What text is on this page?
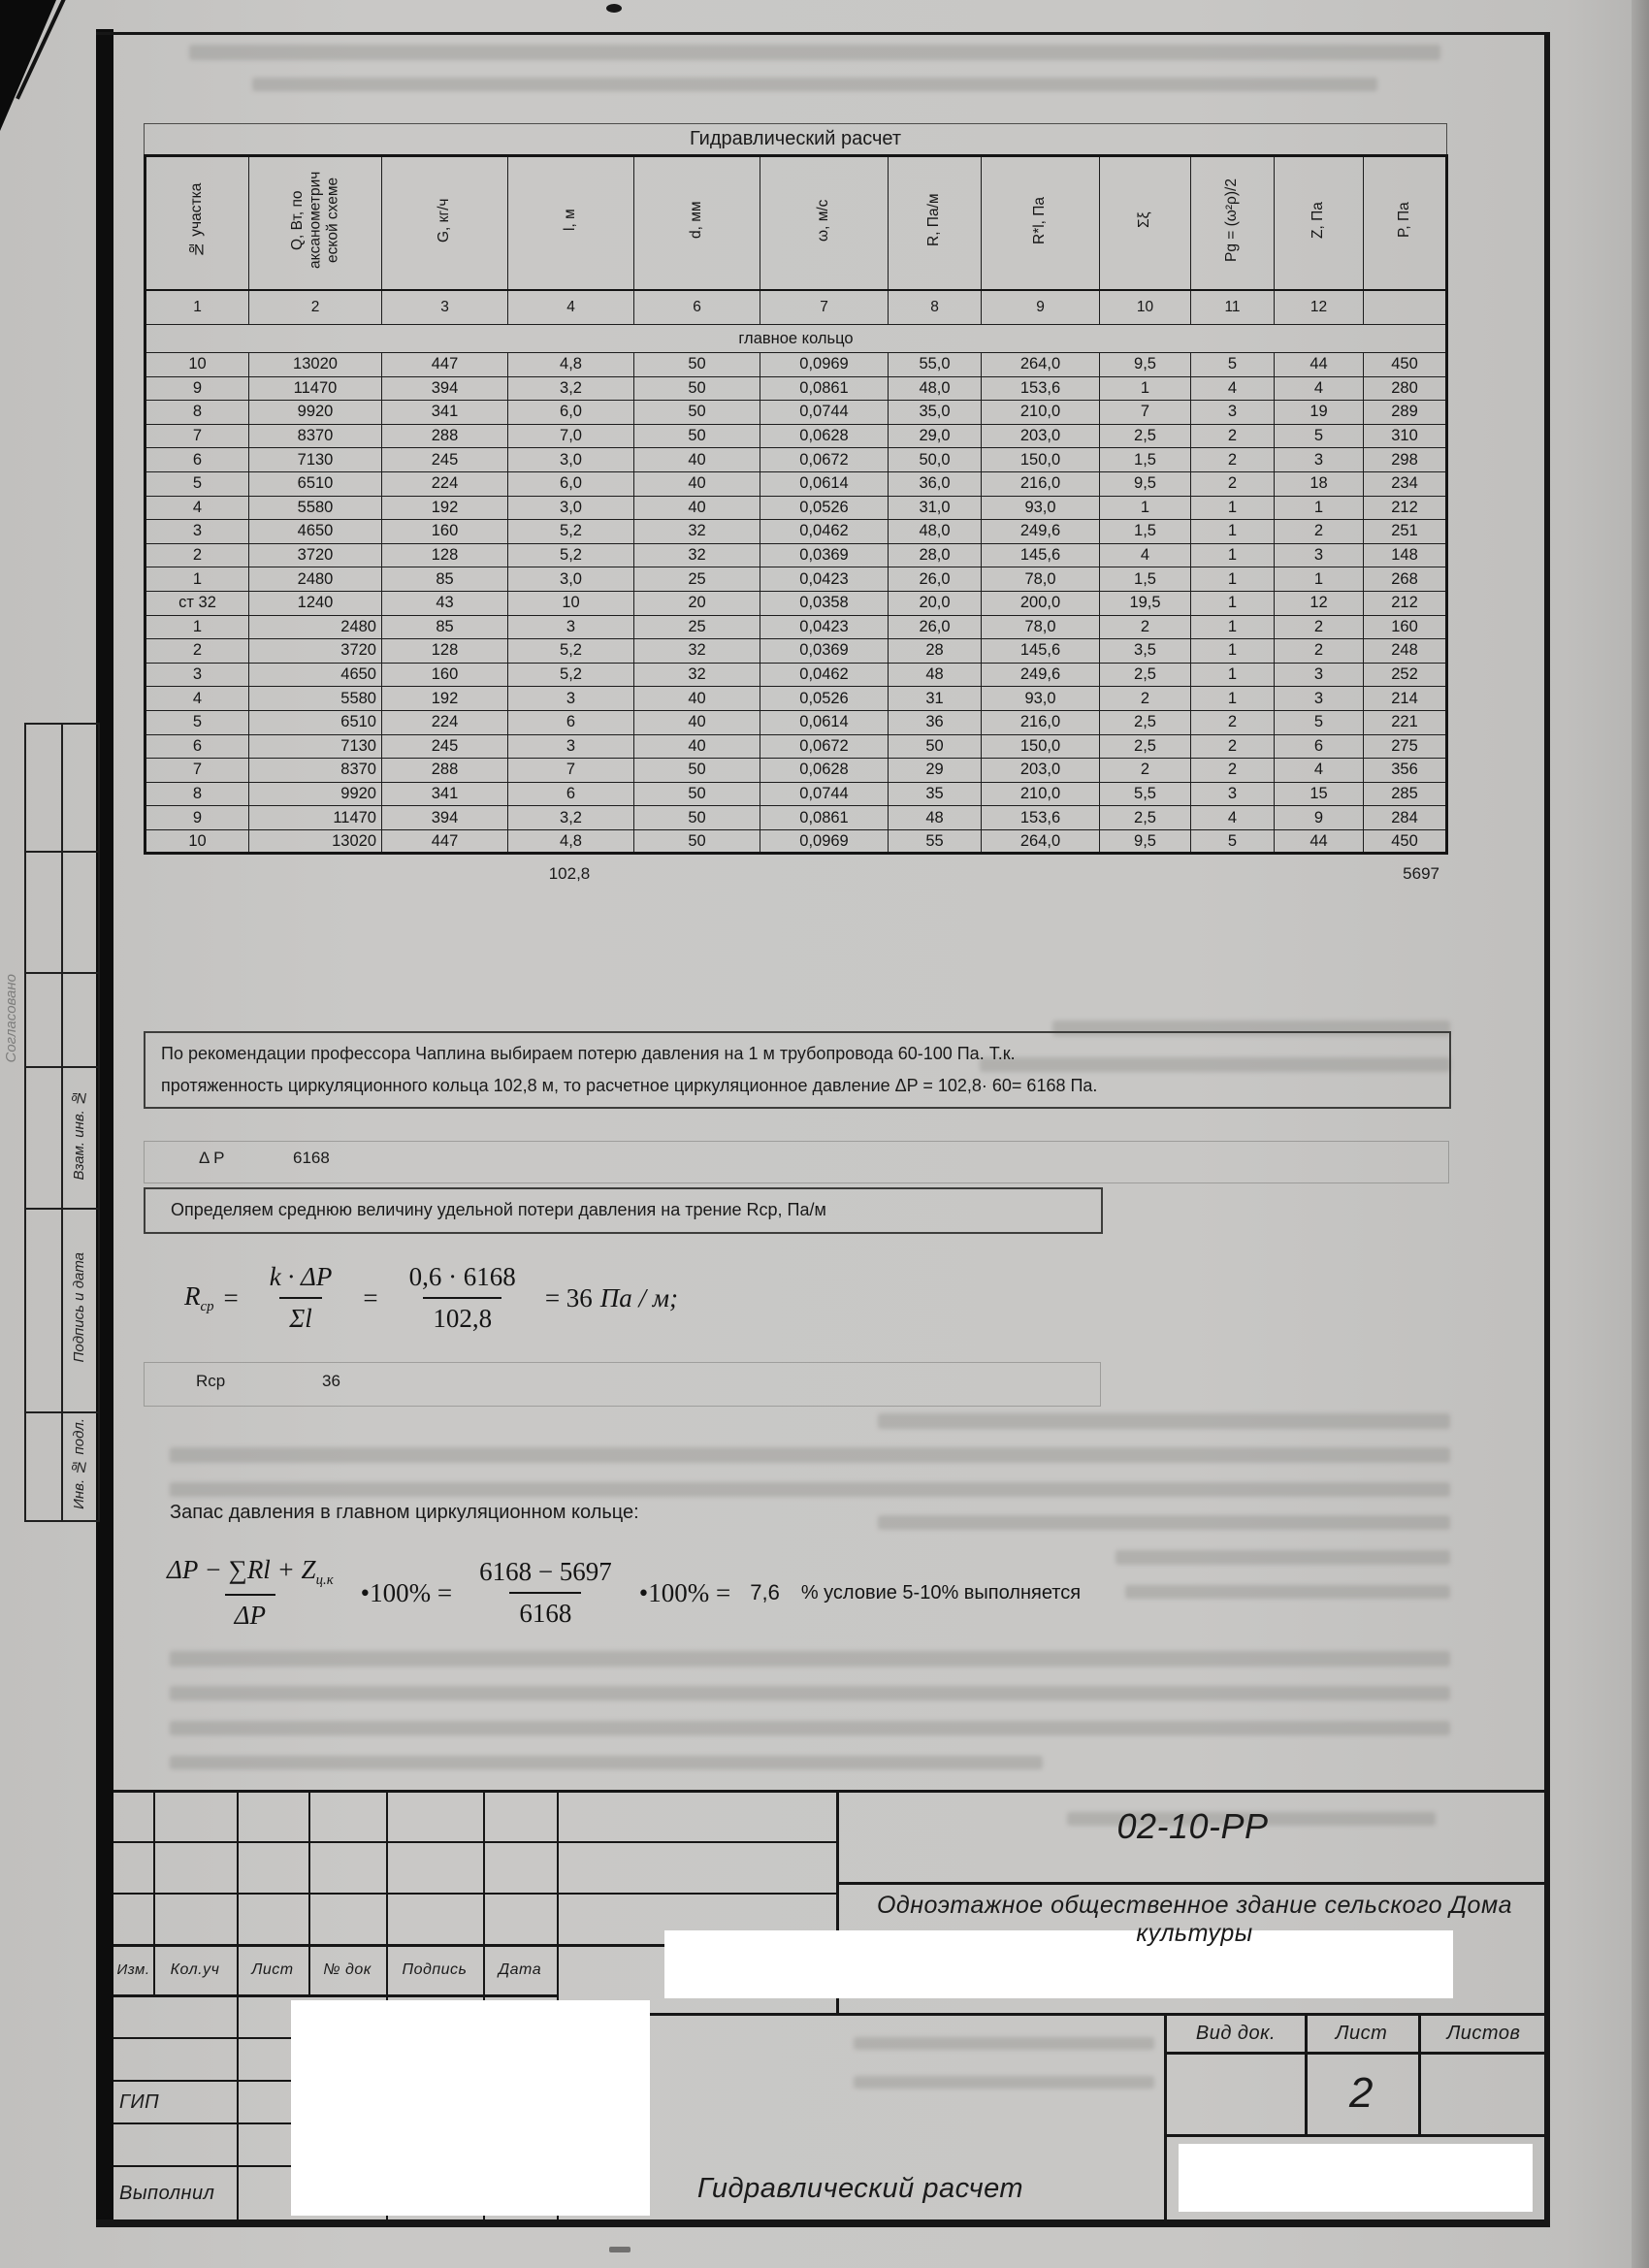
Согласовано
Взам. инв. №
Подпись и дата
Инв. № подл.
Гидравлический расчет
№ участка	Q, Вт, по аксанометрич еской схеме	G, кг/ч	l, м	d, мм	ω, м/с	R, Па/м	R*l, Па	Σξ	Pg = (ω²ρ)/2	Z, Па	P, Па
1	2	3	4	6	7	8	9	10	11	12	
главное кольцо											
10	13020	447	4,8	50	0,0969	55,0	264,0	9,5	5	44	450
9	11470	394	3,2	50	0,0861	48,0	153,6	1	4	4	280
8	9920	341	6,0	50	0,0744	35,0	210,0	7	3	19	289
7	8370	288	7,0	50	0,0628	29,0	203,0	2,5	2	5	310
6	7130	245	3,0	40	0,0672	50,0	150,0	1,5	2	3	298
5	6510	224	6,0	40	0,0614	36,0	216,0	9,5	2	18	234
4	5580	192	3,0	40	0,0526	31,0	93,0	1	1	1	212
3	4650	160	5,2	32	0,0462	48,0	249,6	1,5	1	2	251
2	3720	128	5,2	32	0,0369	28,0	145,6	4	1	3	148
1	2480	85	3,0	25	0,0423	26,0	78,0	1,5	1	1	268
ст 32	1240	43	10	20	0,0358	20,0	200,0	19,5	1	12	212
1	2480	85	3	25	0,0423	26,0	78,0	2	1	2	160
2	3720	128	5,2	32	0,0369	28	145,6	3,5	1	2	248
3	4650	160	5,2	32	0,0462	48	249,6	2,5	1	3	252
4	5580	192	3	40	0,0526	31	93,0	2	1	3	214
5	6510	224	6	40	0,0614	36	216,0	2,5	2	5	221
6	7130	245	3	40	0,0672	50	150,0	2,5	2	6	275
7	8370	288	7	50	0,0628	29	203,0	2	2	4	356
8	9920	341	6	50	0,0744	35	210,0	5,5	3	15	285
9	11470	394	3,2	50	0,0861	48	153,6	2,5	4	9	284
10	13020	447	4,8	50	0,0969	55	264,0	9,5	5	44	450
102,8	5697
По рекомендации профессора Чаплина выбираем потерю давления на 1 м трубопровода 60-100 Па. Т.к.
протяженность циркуляционного кольца 102,8 м, то расчетное циркуляционное давление ΔP = 102,8· 60= 6168 Па.
Δ P	6168
Определяем среднюю величину удельной потери давления на трение Rср, Па/м
$R_{ср} = \frac{k \cdot \Delta P}{\Sigma l} = \frac{0,6 \cdot 6168}{102,8} = 36$ Па / м;
Rср	36
Запас давления в главном циркуляционном кольце:
$\frac{\Delta P - \sum Rl + Z_{ц.к}}{\Delta P}$ •100% = $\frac{6168 - 5697}{6168}$ •100% = 7,6 % условие 5-10% выполняется
02-10-РР
Одноэтажное общественное здание сельского Дома культуры
Изм.	Кол.уч	Лист	№ док	Подпись	Дата
Вид док.	Лист	Листов
2
ГИП
Выполнил	Гидравлический расчет
